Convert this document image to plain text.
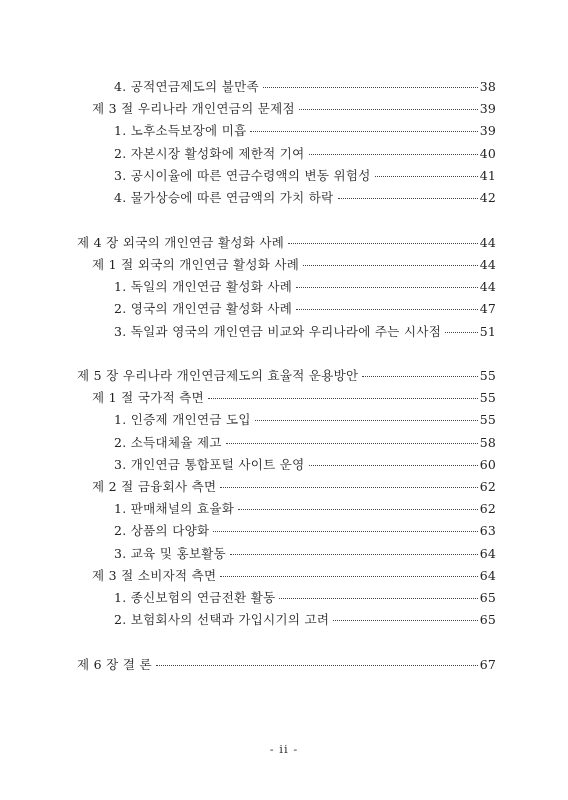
4. 공적연금제도의 불만족	38
제 3 절 우리나라 개인연금의 문제점	39
1. 노후소득보장에 미흡	39
2. 자본시장 활성화에 제한적 기여	40
3. 공시이율에 따른 연금수령액의 변동 위험성	41
4. 물가상승에 따른 연금액의 가치 하락	42
제 4 장 외국의 개인연금 활성화 사례	44
제 1 절 외국의 개인연금 활성화 사례	44
1. 독일의 개인연금 활성화 사례	44
2. 영국의 개인연금 활성화 사례	47
3. 독일과 영국의 개인연금 비교와 우리나라에 주는 시사점	51
제 5 장 우리나라 개인연금제도의 효율적 운용방안	55
제 1 절 국가적 측면	55
1. 인증제 개인연금 도입	55
2. 소득대체율 제고	58
3. 개인연금 통합포털 사이트 운영	60
제 2 절 금융회사 측면	62
1. 판매채널의 효율화	62
2. 상품의 다양화	63
3. 교육 및 홍보활동	64
제 3 절 소비자적 측면	64
1. 종신보험의 연금전환 활동	65
2. 보험회사의 선택과 가입시기의 고려	65
제 6 장 결 론	67
- ii -
